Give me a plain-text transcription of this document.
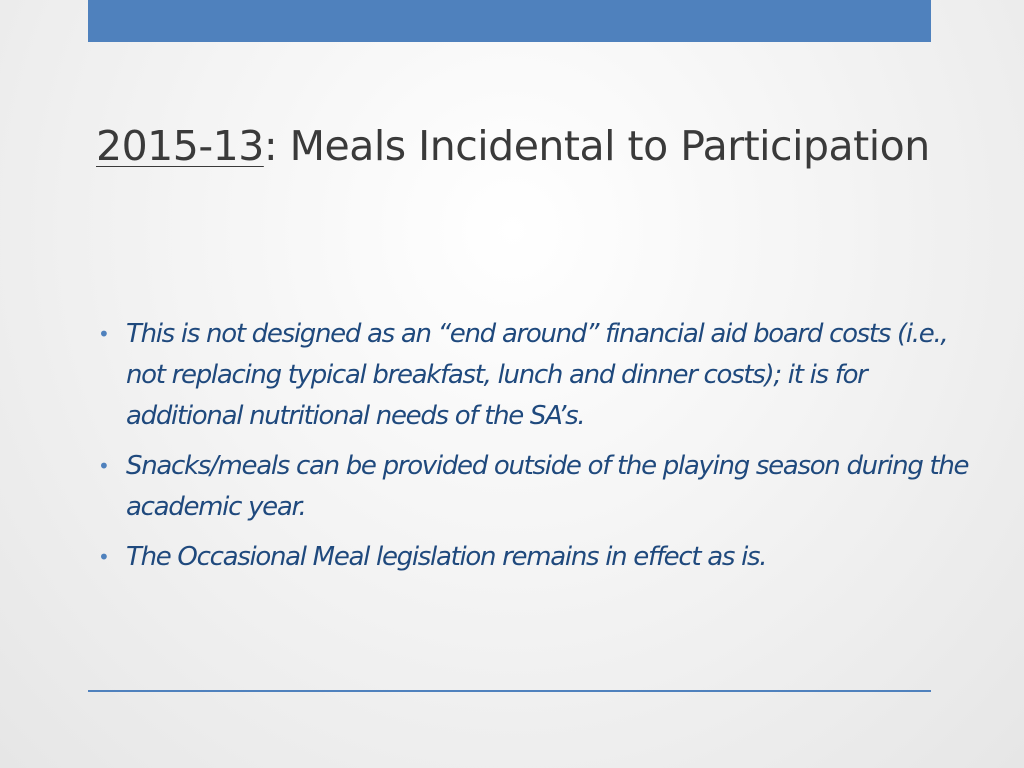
2015-13: Meals Incidental to Participation
• This is not designed as an “end around” financial aid board costs (i.e., not replacing typical breakfast, lunch and dinner costs); it is for additional nutritional needs of the SA’s.
• Snacks/meals can be provided outside of the playing season during the academic year.
• The Occasional Meal legislation remains in effect as is.
